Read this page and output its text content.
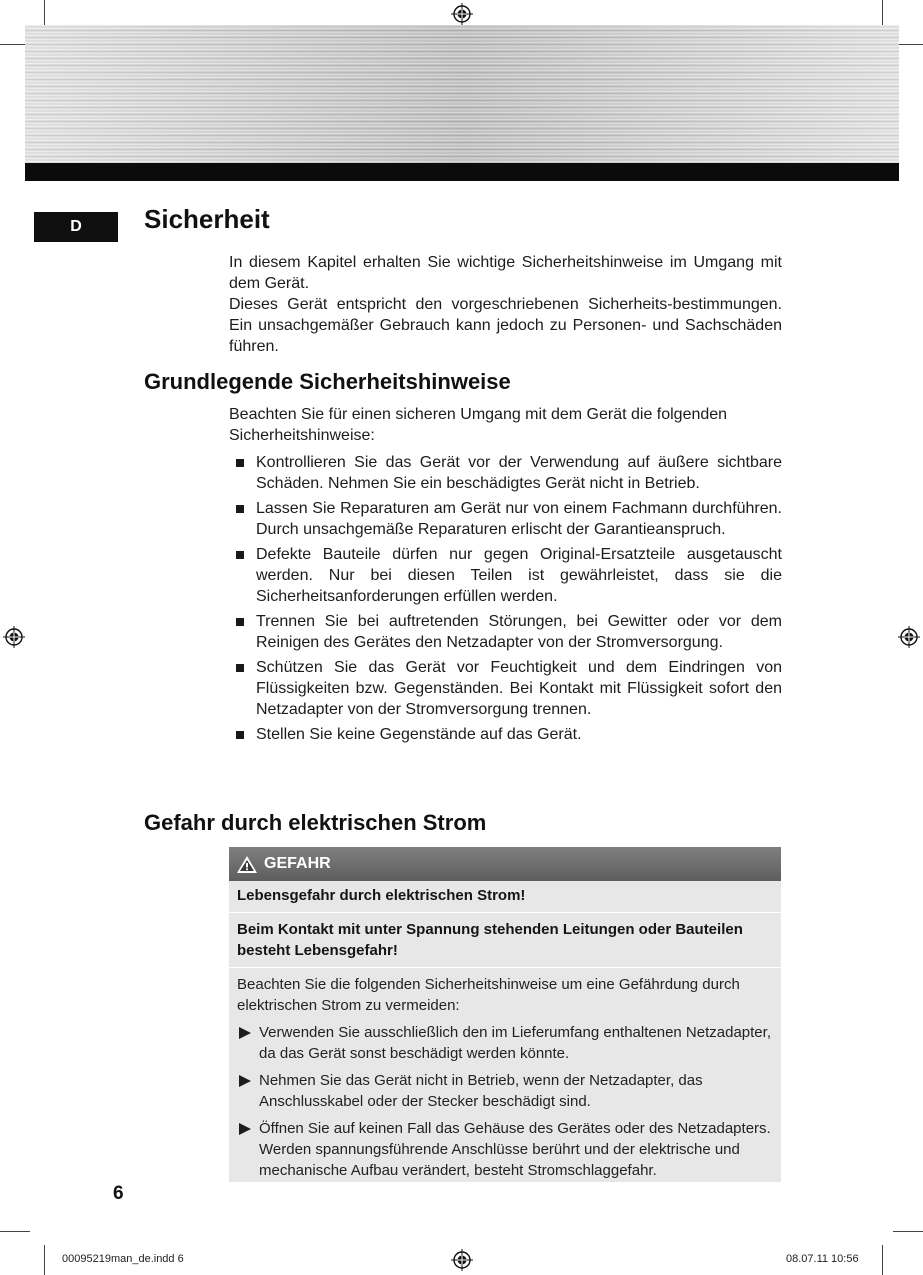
D	Sicherheit

In diesem Kapitel erhalten Sie wichtige Sicherheitshinweise im Umgang mit dem Gerät.

Dieses Gerät entspricht den vorgeschriebenen Sicherheits-bestimmungen. Ein unsachgemäßer Gebrauch kann jedoch zu Personen- und Sachschäden führen.

Grundlegende Sicherheitshinweise

Beachten Sie für einen sicheren Umgang mit dem Gerät die folgenden Sicherheitshinweise:

Kontrollieren Sie das Gerät vor der Verwendung auf äußere sichtbare Schäden. Nehmen Sie ein beschädigtes Gerät nicht in Betrieb.
Lassen Sie Reparaturen am Gerät nur von einem Fachmann durchführen. Durch unsachgemäße Reparaturen erlischt der Garantieanspruch.
Defekte Bauteile dürfen nur gegen Original-Ersatzteile ausgetauscht werden. Nur bei diesen Teilen ist gewährleistet, dass sie die Sicherheitsanforderungen erfüllen werden.
Trennen Sie bei auftretenden Störungen, bei Gewitter oder vor dem Reinigen des Gerätes den Netzadapter von der Stromversorgung.
Schützen Sie das Gerät vor Feuchtigkeit und dem Eindringen von Flüssigkeiten bzw. Gegenständen. Bei Kontakt mit Flüssigkeit sofort den Netzadapter von der Stromversorgung trennen.
Stellen Sie keine Gegenstände auf das Gerät.
Gefahr durch elektrischen Strom
GEFAHR

Lebensgefahr durch elektrischen Strom!

Beim Kontakt mit unter Spannung stehenden Leitungen oder Bauteilen besteht Lebensgefahr!

Beachten Sie die folgenden Sicherheitshinweise um eine Gefährdung durch elektrischen Strom zu vermeiden:

Verwenden Sie ausschließlich den im Lieferumfang enthaltenen Netzadapter, da das Gerät sonst beschädigt werden könnte.
Nehmen Sie das Gerät nicht in Betrieb, wenn der Netzadapter, das Anschlusskabel oder der Stecker beschädigt sind.
Öffnen Sie auf keinen Fall das Gehäuse des Gerätes oder des Netzadapters. Werden spannungsführende Anschlüsse berührt und der elektrische und mechanische Aufbau verändert, besteht Stromschlaggefahr.
6
00095219man_de.indd 6	08.07.11 10:56
